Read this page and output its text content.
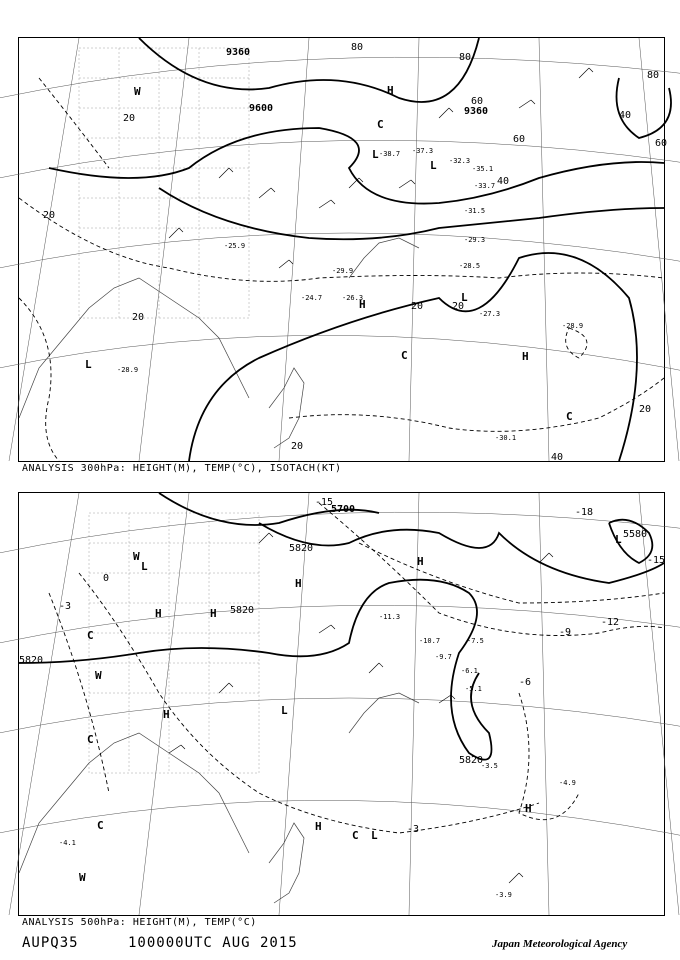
9360
9600	9360
80
80
80
60
60	60
40
40
40
20
20
20
20	20
20
20
H
H
H
L
L
L
L
C
C
C
W
-38.7 -37.3
-33.7
-31.5
-29.3
-28.5
-27.3
-26.3
-25.9
-24.7
-30.1
-28.9
-32.3
-35.1
-29.9
-28.9
ANALYSIS 300hPa: HEIGHT(M), TEMP(°C), ISOTACH(KT)
5700
5820
5820
5820
5580
5820
-15
-18
-15
-12
-9
-6
-3
-3
0	H
H	H
H
H
H
H
L
L
L
C
C
C
C
W
W
W
L
-11.3
-10.7
-9.7
-7.5
-6.1
-5.1
-4.9
-3.5
-4.1
-3.9
ANALYSIS 500hPa: HEIGHT(M), TEMP(°C)
AUPQ35	100000UTC AUG 2015	Japan Meteorological Agency
